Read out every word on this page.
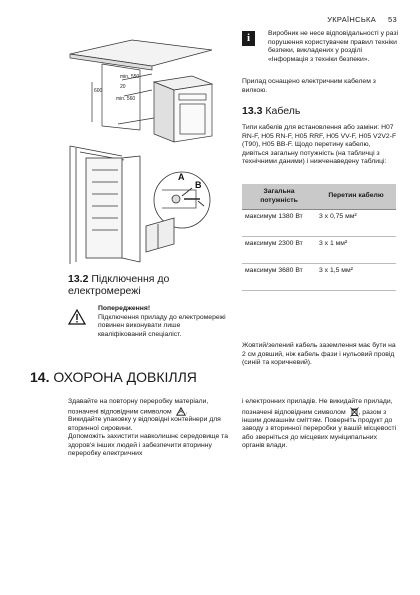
УКРАЇНСЬКА 53
min. 550
20
600
min. 560
A
B
13.2 Підключення до електромережі
Попередження!
Підключення приладу до електромережі повинен виконувати лише кваліфікований спеціаліст.
i	Виробник не несе відповідальності у разі порушення користувачем правил техніки безпеки, викладених у розділі «Інформація з техніки безпеки».
Прилад оснащено електричним кабелем з вилкою.
13.3 Кабель
Типи кабелів для встановлення або заміни: H07 RN-F, H05 RN-F, H05 RRF, H05 VV-F, H05 V2V2-F (T90), H05 BB-F. Щодо перетину кабелю, дивіться загальну потужність (на табличці з технічними даними) і нижченаведену таблиці:
Загальна потужність	Перетин кабелю
максимум 1380 Вт	3 x 0,75 мм²
максимум 2300 Вт	3 x 1 мм²
максимум 3680 Вт	3 x 1,5 мм²
Жовтий/зелений кабель заземлення має бути на 2 см довший, ніж кабель фази і нульовий провід (синій та коричневий).
14. ОХОРОНА ДОВКІЛЛЯ
Здавайте на повторну переробку матеріали, позначені відповідним символом .
Викидайте упаковку у відповідні контейнери для вторинної сировини.
Допоможіть захистити навколишнє середовище та здоров'я інших людей і забезпечити вторинну переробку електричних
і електронних приладів. Не викидайте прилади, позначені відповідним символом , разом з іншим домашнім сміттям. Поверніть продукт до заводу з вторинної переробки у вашій місцевості або зверніться до місцевих муніципальних органів влади.
